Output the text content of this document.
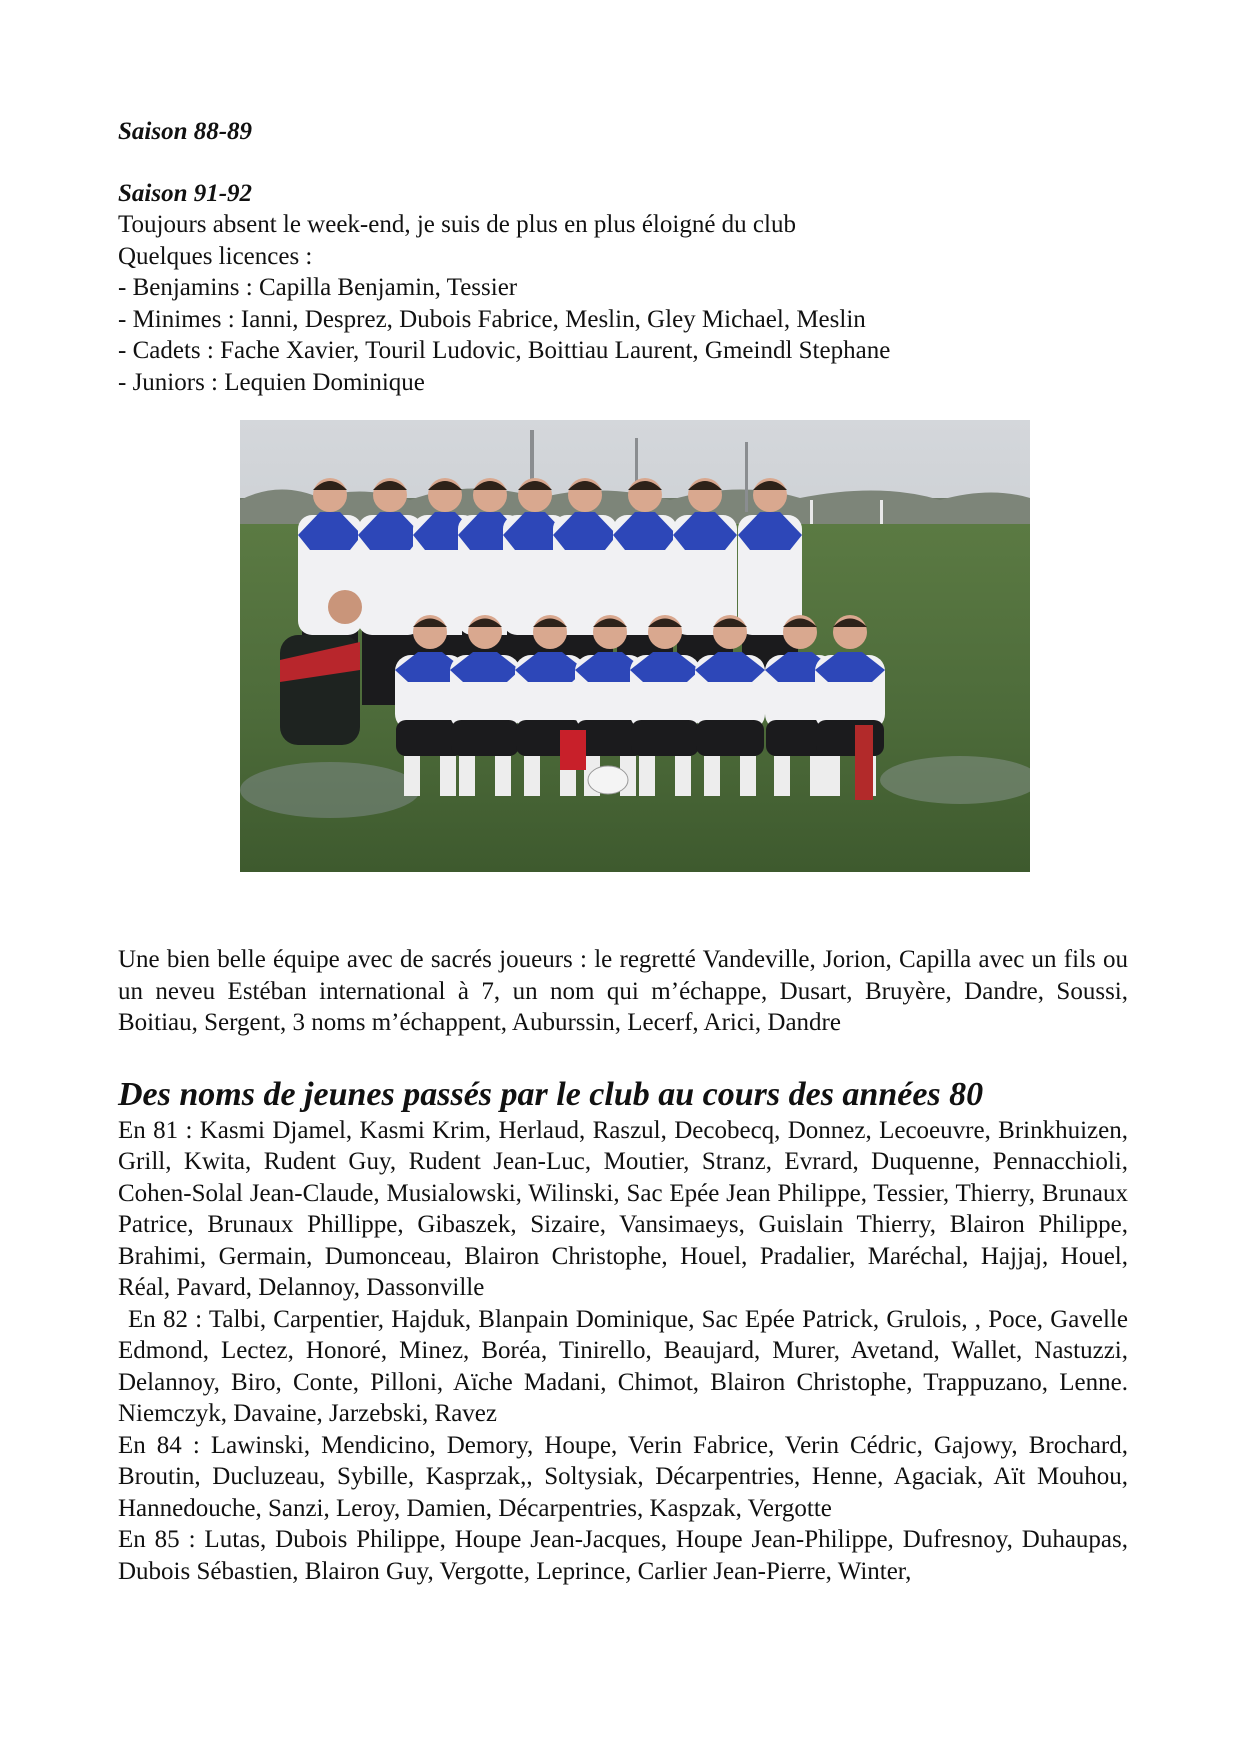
Saison 88-89
Saison 91-92
Toujours absent le week-end, je suis de plus en plus éloigné du club
Quelques licences :
- Benjamins : Capilla Benjamin, Tessier
- Minimes : Ianni, Desprez, Dubois Fabrice, Meslin, Gley Michael, Meslin
- Cadets : Fache Xavier, Touril Ludovic, Boittiau Laurent, Gmeindl Stephane
- Juniors : Lequien Dominique
Une bien belle équipe avec de sacrés joueurs : le regretté Vandeville, Jorion, Capilla avec un fils ou un neveu Estéban international à 7, un nom qui m’échappe, Dusart, Bruyère, Dandre, Soussi, Boitiau, Sergent, 3 noms m’échappent, Auburssin, Lecerf, Arici, Dandre
Des noms de jeunes passés par le club au cours des années 80
En 81 : Kasmi Djamel, Kasmi Krim, Herlaud, Raszul, Decobecq, Donnez, Lecoeuvre, Brinkhuizen, Grill, Kwita, Rudent Guy, Rudent Jean-Luc, Moutier, Stranz, Evrard, Duquenne, Pennacchioli, Cohen-Solal Jean-Claude, Musialowski, Wilinski, Sac Epée Jean Philippe, Tessier, Thierry, Brunaux Patrice, Brunaux Phillippe, Gibaszek, Sizaire, Vansimaeys, Guislain Thierry, Blairon Philippe, Brahimi, Germain, Dumonceau, Blairon Christophe, Houel, Pradalier, Maréchal, Hajjaj, Houel, Réal, Pavard, Delannoy, Dassonville
En 82 : Talbi, Carpentier, Hajduk, Blanpain Dominique, Sac Epée Patrick, Grulois, , Poce, Gavelle Edmond, Lectez, Honoré, Minez, Boréa, Tinirello, Beaujard, Murer, Avetand, Wallet, Nastuzzi, Delannoy, Biro, Conte, Pilloni, Aïche Madani, Chimot, Blairon Christophe, Trappuzano, Lenne. Niemczyk, Davaine, Jarzebski, Ravez
En 84 : Lawinski, Mendicino, Demory, Houpe, Verin Fabrice, Verin Cédric, Gajowy, Brochard, Broutin, Ducluzeau, Sybille, Kasprzak,, Soltysiak, Décarpentries, Henne, Agaciak, Aït Mouhou, Hannedouche, Sanzi, Leroy, Damien, Décarpentries, Kaspzak, Vergotte
En 85 : Lutas, Dubois Philippe, Houpe Jean-Jacques, Houpe Jean-Philippe, Dufresnoy, Duhaupas, Dubois Sébastien, Blairon Guy, Vergotte, Leprince, Carlier Jean-Pierre, Winter,
